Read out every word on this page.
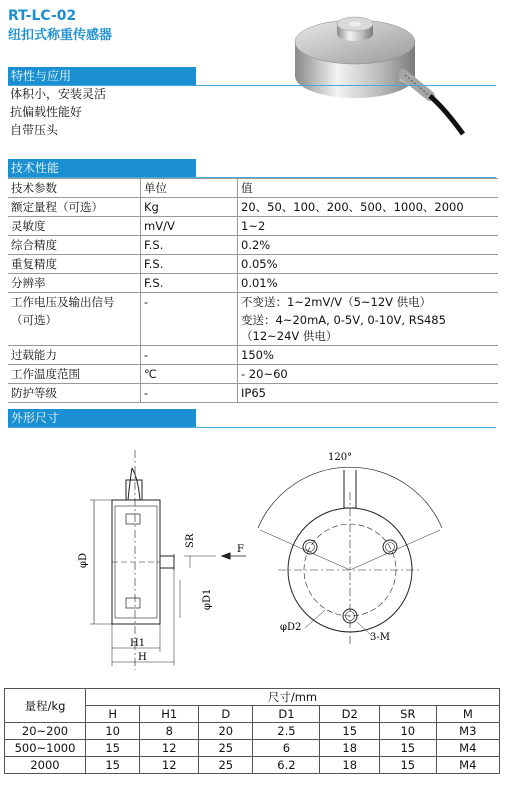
RT-LC-02
纽扣式称重传感器
特性与应用
体积小，安装灵活
抗偏载性能好
自带压头
技术性能
技术参数	单位	值
额定量程（可选）	Kg	20、50、100、200、500、1000、2000
灵敏度	mV/V	1~2
综合精度	F.S.	0.2%
重复精度	F.S.	0.05%
分辨率	F.S.	0.01%
工作电压及输出信号	-	不变送：1~2mV/V（5~12V 供电）
（可选）		变送：4~20mA, 0-5V, 0-10V, RS485（12~24V 供电）
过载能力	-	150%
工作温度范围	℃	- 20~60
防护等级	-	IP65
外形尺寸
φD
SR
F
φD1
H1
H
120°
φD2
3-M
量程/kg	尺寸/mm						
	H	H1	D	D1	D2	SR	M
20~200	10	8	20	2.5	15	10	M3
500~1000	15	12	25	6	18	15	M4
2000	15	12	25	6.2	18	15	M4
